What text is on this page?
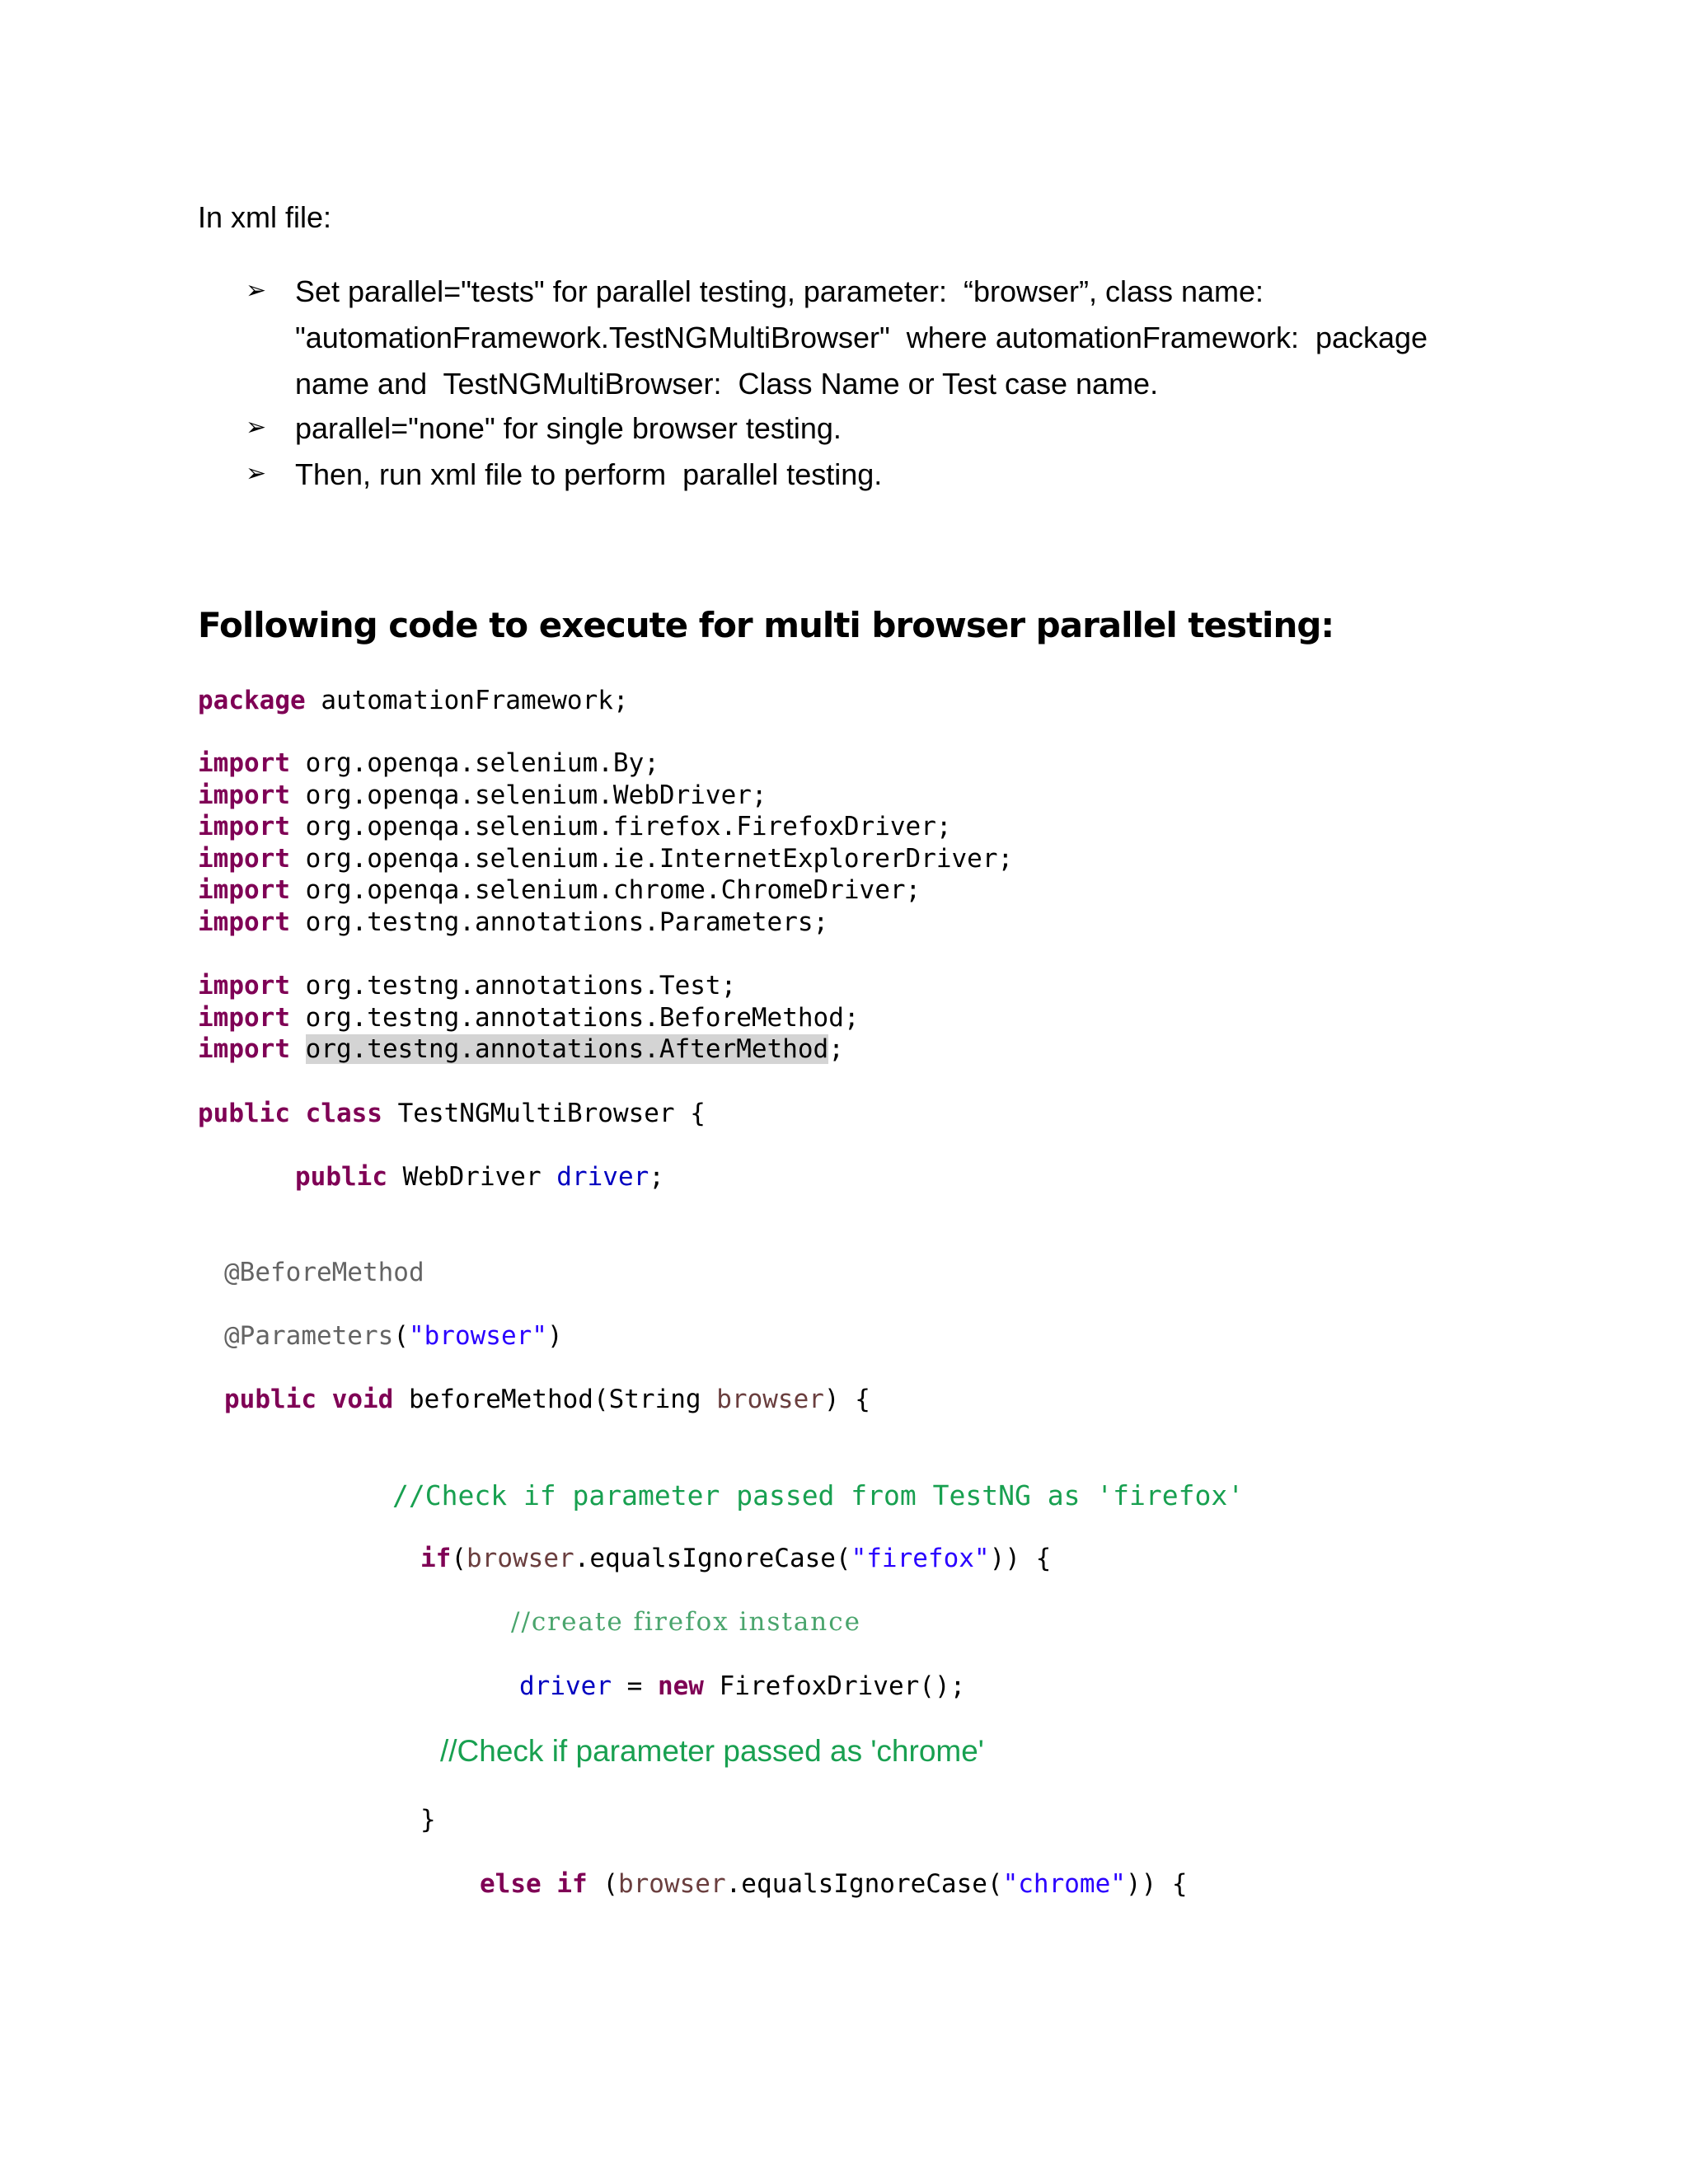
In xml file:
➢ Set parallel="tests" for parallel testing, parameter:  “browser”, class name:
"automationFramework.TestNGMultiBrowser"  where automationFramework:  package
name and  TestNGMultiBrowser:  Class Name or Test case name.
➢ parallel="none" for single browser testing.
➢ Then, run xml file to perform  parallel testing.
Following code to execute for multi browser parallel testing:
package automationFramework;
import org.openqa.selenium.By;
import org.openqa.selenium.WebDriver;
import org.openqa.selenium.firefox.FirefoxDriver;
import org.openqa.selenium.ie.InternetExplorerDriver;
import org.openqa.selenium.chrome.ChromeDriver;
import org.testng.annotations.Parameters;
import org.testng.annotations.Test;
import org.testng.annotations.BeforeMethod;
import org.testng.annotations.AfterMethod;
public class TestNGMultiBrowser {
public WebDriver driver;
@BeforeMethod
@Parameters("browser")
public void beforeMethod(String browser) {
//Check if parameter passed from TestNG as 'firefox'
if(browser.equalsIgnoreCase("firefox")) {
//create firefox instance
driver = new FirefoxDriver();
//Check if parameter passed as 'chrome'
}
else if (browser.equalsIgnoreCase("chrome")) {
